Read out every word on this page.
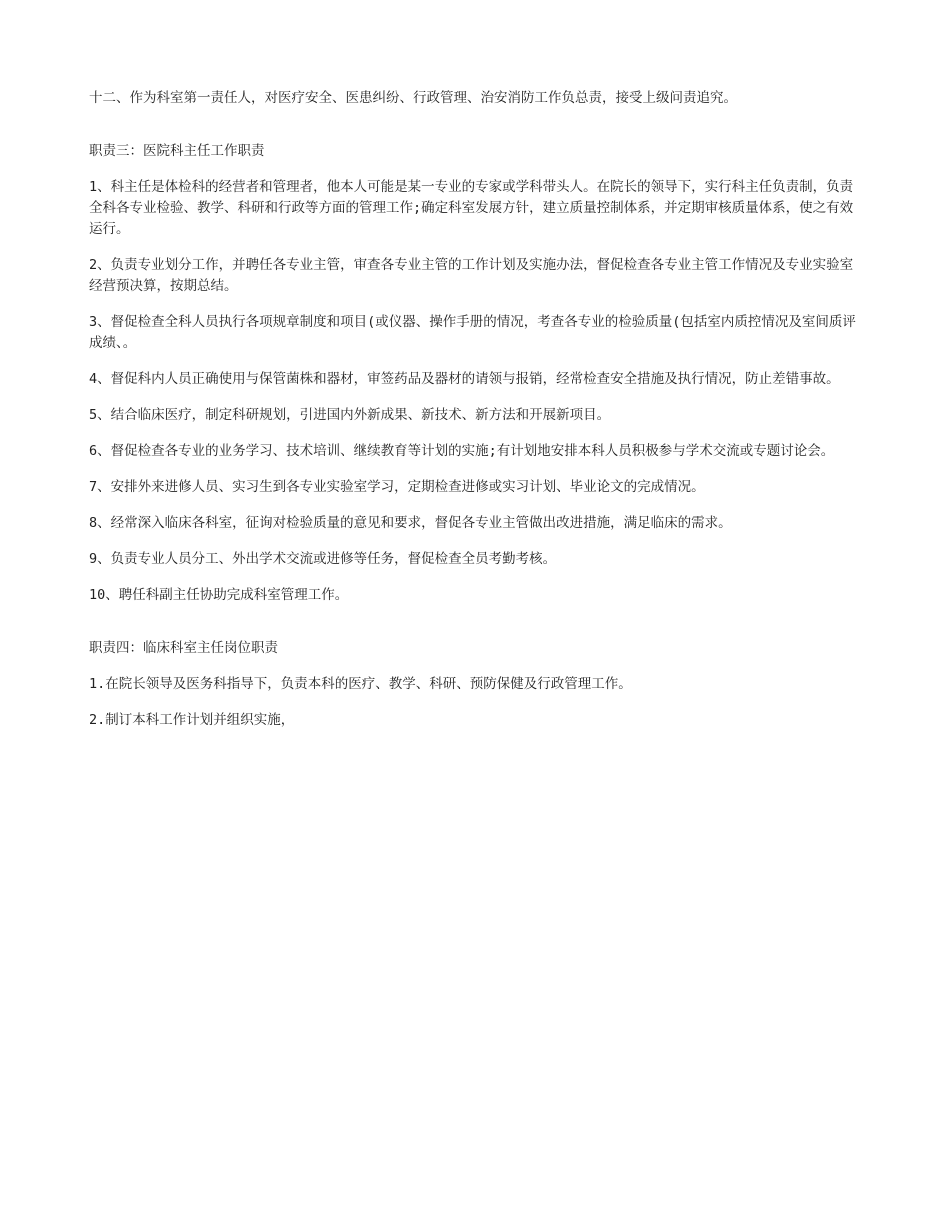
十二、作为科室第一责任人，对医疗安全、医患纠纷、行政管理、治安消防工作负总责，接受上级问责追究。

职责三：医院科主任工作职责

1、科主任是体检科的经营者和管理者，他本人可能是某一专业的专家或学科带头人。在院长的领导下，实行科主任负责制，负责全科各专业检验、教学、科研和行政等方面的管理工作;确定科室发展方针，建立质量控制体系，并定期审核质量体系，使之有效运行。

2、负责专业划分工作，并聘任各专业主管，审查各专业主管的工作计划及实施办法，督促检查各专业主管工作情况及专业实验室经营预决算，按期总结。

3、督促检查全科人员执行各项规章制度和项目(或仪器、操作手册的情况，考查各专业的检验质量(包括室内质控情况及室间质评成绩、。

4、督促科内人员正确使用与保管菌株和器材，审签药品及器材的请领与报销，经常检查安全措施及执行情况，防止差错事故。

5、结合临床医疗，制定科研规划，引进国内外新成果、新技术、新方法和开展新项目。

6、督促检查各专业的业务学习、技术培训、继续教育等计划的实施;有计划地安排本科人员积极参与学术交流或专题讨论会。

7、安排外来进修人员、实习生到各专业实验室学习，定期检查进修或实习计划、毕业论文的完成情况。

8、经常深入临床各科室，征询对检验质量的意见和要求，督促各专业主管做出改进措施，满足临床的需求。

9、负责专业人员分工、外出学术交流或进修等任务，督促检查全员考勤考核。

10、聘任科副主任协助完成科室管理工作。

职责四：临床科室主任岗位职责

1.在院长领导及医务科指导下，负责本科的医疗、教学、科研、预防保健及行政管理工作。

2.制订本科工作计划并组织实施，
